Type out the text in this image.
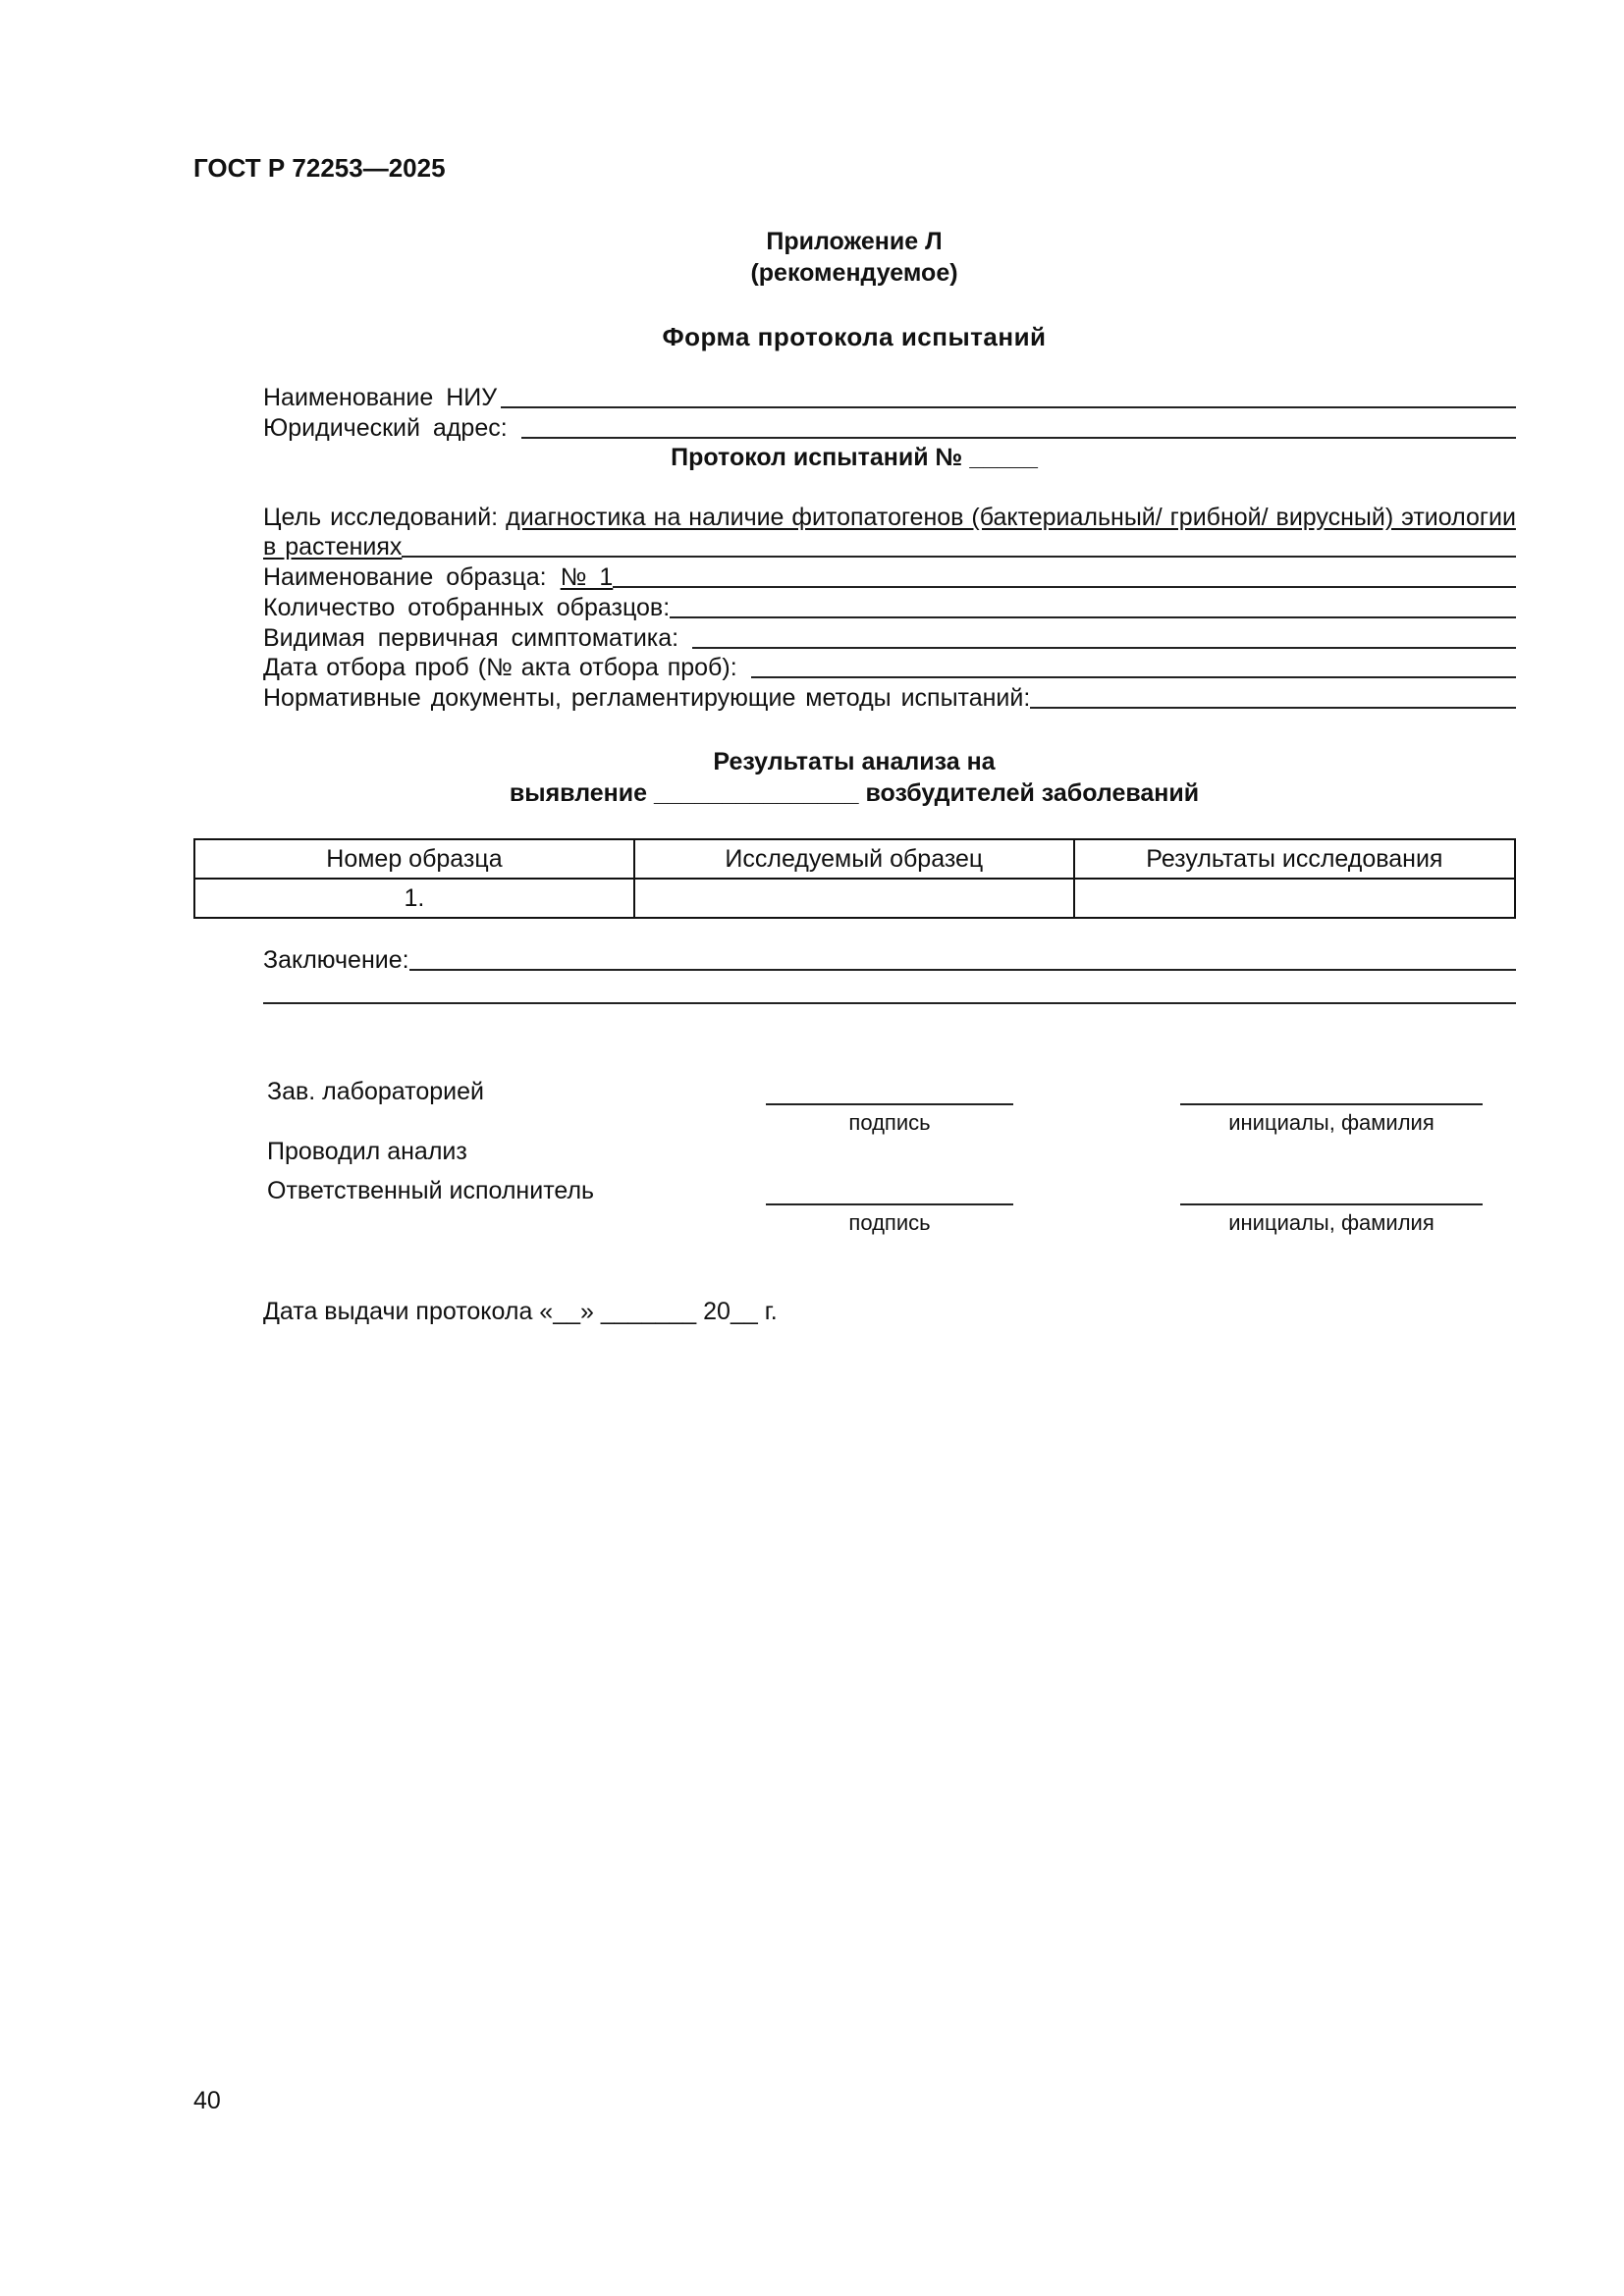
ГОСТ Р 72253—2025
Приложение Л
(рекомендуемое)
Форма протокола испытаний
Наименование НИУ
Юридический адрес:
Протокол испытаний № _____
Цель исследований: диагностика на наличие фитопатогенов (бактериальный/ грибной/ вирусный) этиологии
в растениях
Наименование образца: № 1
Количество отобранных образцов:
Видимая первичная симптоматика:
Дата отбора проб (№ акта отбора проб):
Нормативные документы, регламентирующие методы испытаний:
Результаты анализа на
выявление _______________ возбудителей заболеваний
Номер образца	Исследуемый образец	Результаты исследования
1.		
Заключение:
Зав. лабораторией
подпись	инициалы, фамилия
Проводил анализ
Ответственный исполнитель
подпись	инициалы, фамилия
Дата выдачи протокола «__» _______ 20__ г.
40
